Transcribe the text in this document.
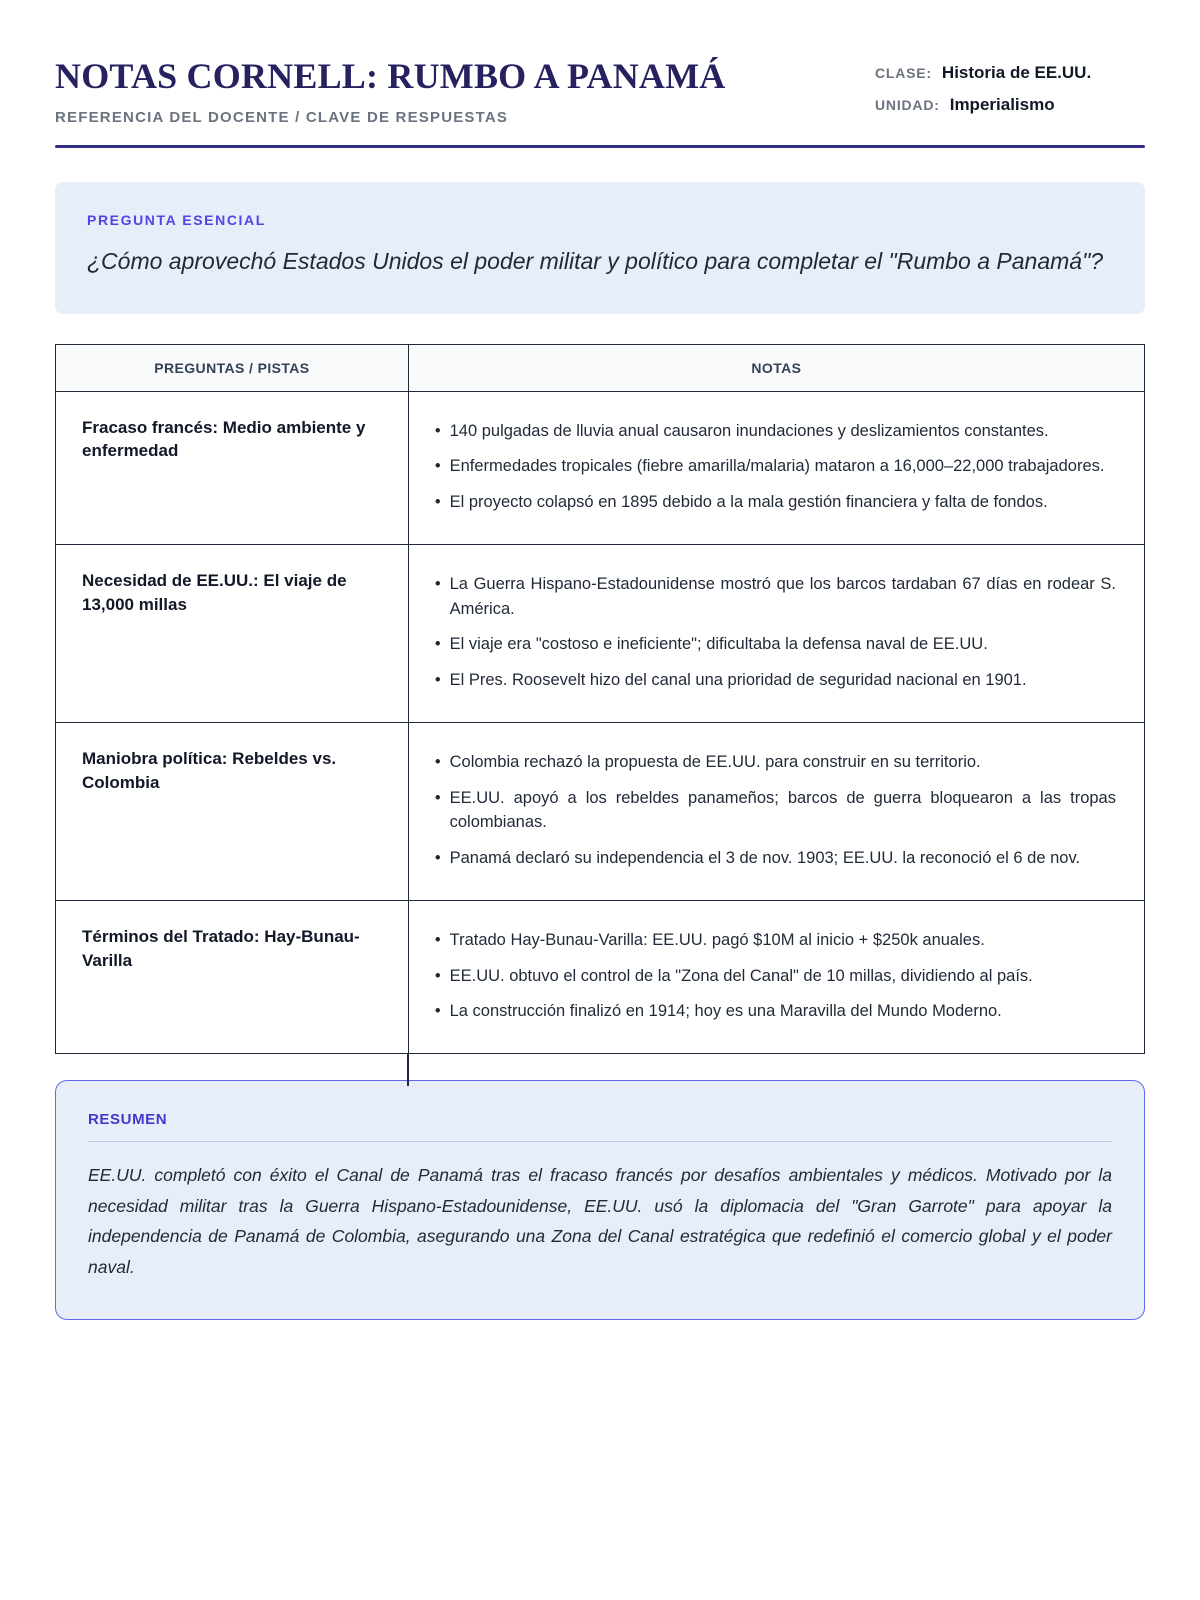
NOTAS CORNELL: RUMBO A PANAMÁ
REFERENCIA DEL DOCENTE / CLAVE DE RESPUESTAS
CLASE: Historia de EE.UU.
UNIDAD: Imperialismo
PREGUNTA ESENCIAL
¿Cómo aprovechó Estados Unidos el poder militar y político para completar el "Rumbo a Panamá"?
PREGUNTAS / PISTAS	NOTAS
Fracaso francés: Medio ambiente y enfermedad	
• 140 pulgadas de lluvia anual causaron inundaciones y deslizamientos constantes.
• Enfermedades tropicales (fiebre amarilla/malaria) mataron a 16,000–22,000 trabajadores.
• El proyecto colapsó en 1895 debido a la mala gestión financiera y falta de fondos.

Necesidad de EE.UU.: El viaje de 13,000 millas	
• La Guerra Hispano-Estadounidense mostró que los barcos tardaban 67 días en rodear S. América.
• El viaje era "costoso e ineficiente"; dificultaba la defensa naval de EE.UU.
• El Pres. Roosevelt hizo del canal una prioridad de seguridad nacional en 1901.

Maniobra política: Rebeldes vs. Colombia	
• Colombia rechazó la propuesta de EE.UU. para construir en su territorio.
• EE.UU. apoyó a los rebeldes panameños; barcos de guerra bloquearon a las tropas colombianas.
• Panamá declaró su independencia el 3 de nov. 1903; EE.UU. la reconoció el 6 de nov.

Términos del Tratado: Hay-Bunau-Varilla	
• Tratado Hay-Bunau-Varilla: EE.UU. pagó $10M al inicio + $250k anuales.
• EE.UU. obtuvo el control de la "Zona del Canal" de 10 millas, dividiendo al país.
• La construcción finalizó en 1914; hoy es una Maravilla del Mundo Moderno.
RESUMEN
EE.UU. completó con éxito el Canal de Panamá tras el fracaso francés por desafíos ambientales y médicos. Motivado por la necesidad militar tras la Guerra Hispano-Estadounidense, EE.UU. usó la diplomacia del "Gran Garrote" para apoyar la independencia de Panamá de Colombia, asegurando una Zona del Canal estratégica que redefinió el comercio global y el poder naval.
